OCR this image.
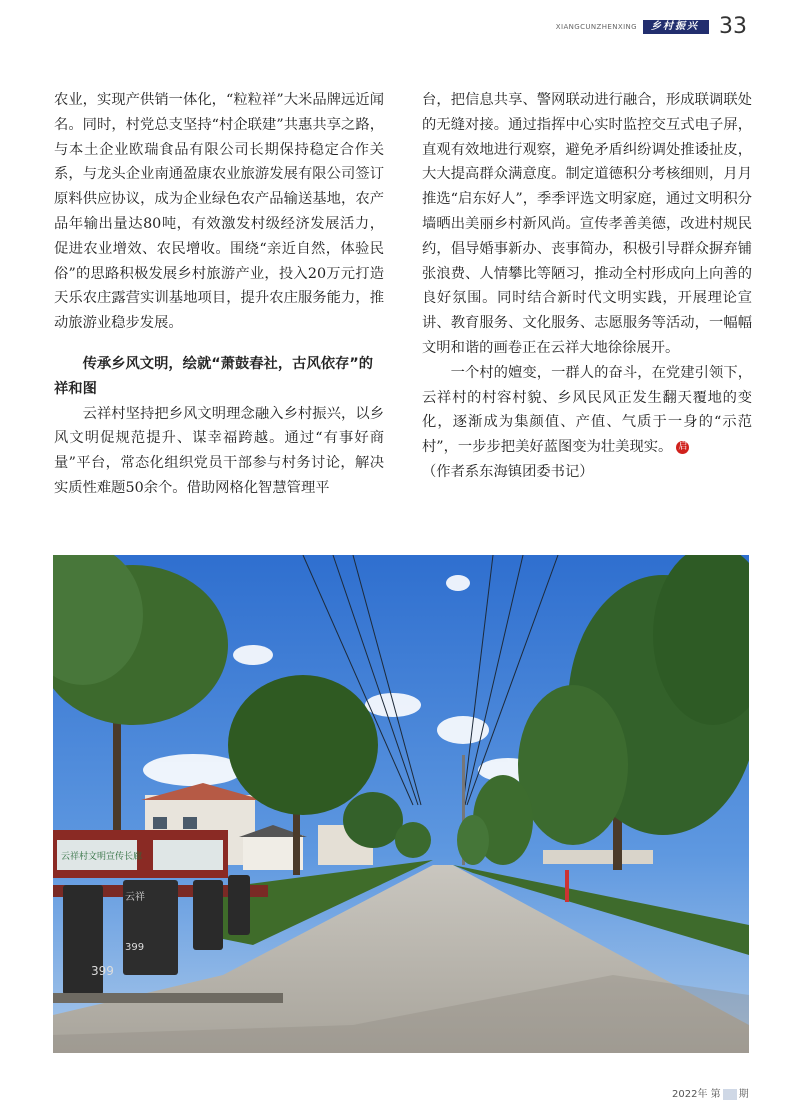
XIANGCUNZHENXING	乡村振兴 33

农业，实现产供销一体化，“粒粒祥”大米品牌远近闻名。同时，村党总支坚持“村企联建”共惠共享之路，与本土企业欧瑞食品有限公司长期保持稳定合作关系，与龙头企业南通盈康农业旅游发展有限公司签订原料供应协议，成为企业绿色农产品输送基地，农产品年输出量达80吨，有效激发村级经济发展活力，促进农业增效、农民增收。围绕“亲近自然，体验民俗”的思路积极发展乡村旅游产业，投入20万元打造天乐农庄露营实训基地项目，提升农庄服务能力，推动旅游业稳步发展。

传承乡风文明，绘就“萧鼓春社，古风依存”的祥和图

云祥村坚持把乡风文明理念融入乡村振兴，以乡风文明促规范提升、谋幸福跨越。通过“有事好商量”平台，常态化组织党员干部参与村务讨论，解决实质性难题50余个。借助网格化智慧管理平

台，把信息共享、警网联动进行融合，形成联调联处的无缝对接。通过指挥中心实时监控交互式电子屏，直观有效地进行观察，避免矛盾纠纷调处推诿扯皮，大大提高群众满意度。制定道德积分考核细则，月月推选“启东好人”，季季评选文明家庭，通过文明积分墙晒出美丽乡村新风尚。宣传孝善美德，改进村规民约，倡导婚事新办、丧事简办，积极引导群众摒弃铺张浪费、人情攀比等陋习，推动全村形成向上向善的良好氛围。同时结合新时代文明实践，开展理论宣讲、教育服务、文化服务、志愿服务等活动，一幅幅文明和谐的画卷正在云祥大地徐徐展开。

一个村的嬗变，一群人的奋斗，在党建引领下，云祥村的村容村貌、乡风民风正发生翻天覆地的变化，逐渐成为集颜值、产值、气质于一身的“示范村”，一步步把美好蓝图变为壮美现实。 启

（作者系东海镇团委书记）

云祥村文明宣传长廊
云祥
399
399
2022年 第 22 期
